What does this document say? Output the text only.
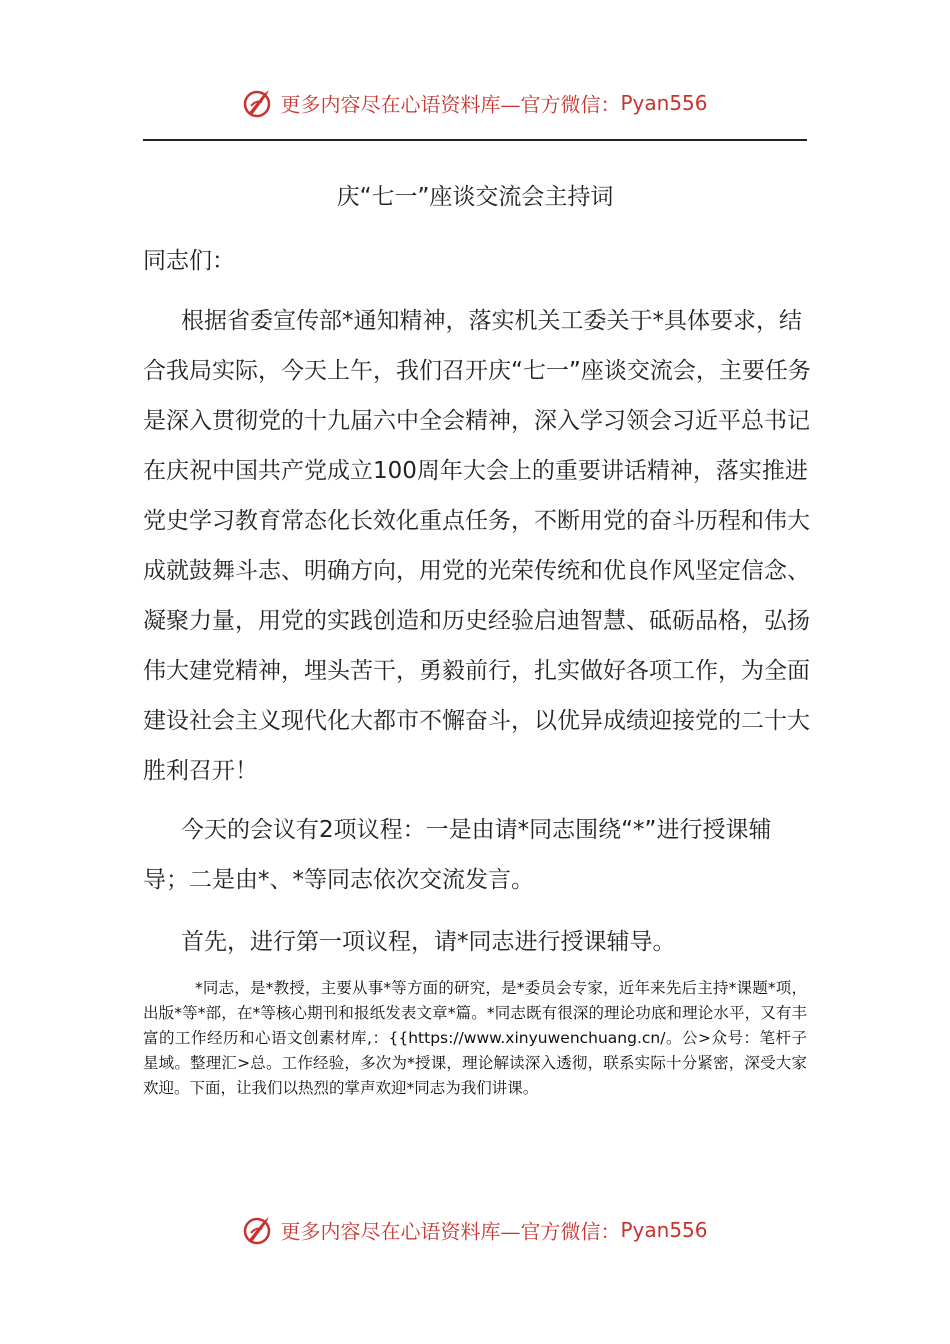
更多内容尽在心语资料库—官方微信：Pyan556
庆“七一”座谈交流会主持词
同志们：
根据省委宣传部*通知精神，落实机关工委关于*具体要求，结合我局实际，今天上午，我们召开庆“七一”座谈交流会，主要任务是深入贯彻党的十九届六中全会精神，深入学习领会习近平总书记在庆祝中国共产党成立100周年大会上的重要讲话精神，落实推进党史学习教育常态化长效化重点任务，不断用党的奋斗历程和伟大成就鼓舞斗志、明确方向，用党的光荣传统和优良作风坚定信念、凝聚力量，用党的实践创造和历史经验启迪智慧、砥砺品格，弘扬伟大建党精神，埋头苦干，勇毅前行，扎实做好各项工作，为全面建设社会主义现代化大都市不懈奋斗，以优异成绩迎接党的二十大胜利召开！
今天的会议有2项议程：一是由请*同志围绕“*”进行授课辅导；二是由*、*等同志依次交流发言。
首先，进行第一项议程，请*同志进行授课辅导。
*同志，是*教授，主要从事*等方面的研究，是*委员会专家，近年来先后主持*课题*项，出版*等*部，在*等核心期刊和报纸发表文章*篇。*同志既有很深的理论功底和理论水平，又有丰富的工作经历和心语文创素材库,：{{https://www.xinyuwenchuang.cn/。公>众号：笔杆子星域。整理汇>总。工作经验，多次为*授课，理论解读深入透彻，联系实际十分紧密，深受大家欢迎。下面，让我们以热烈的掌声欢迎*同志为我们讲课。
更多内容尽在心语资料库—官方微信：Pyan556
